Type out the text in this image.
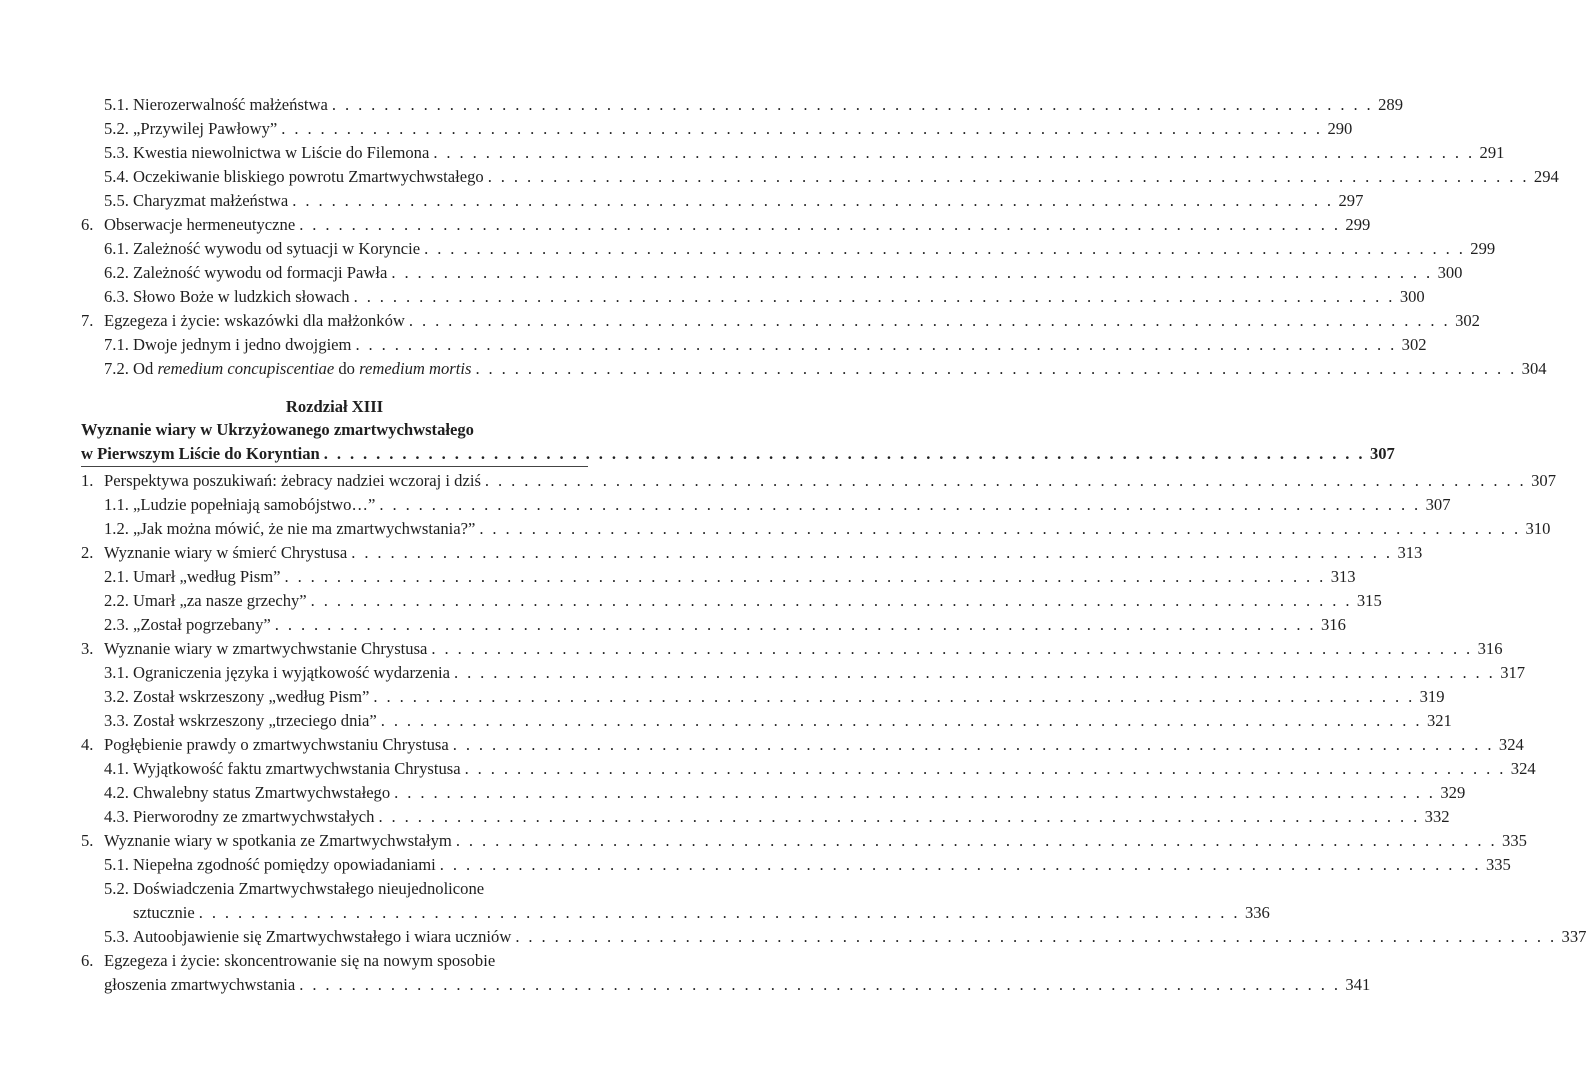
5.1. Nierozerwalność małżeństwa . . . . . . . . . . . . . . . . . . . . . . . . . . . . . . . . . . . . . . . . . . . . . . . . . . . . . . . . . . . . . . . . . . . . . . . . . . . . . . . . 289
5.2. „Przywilej Pawłowy” . . . . . . . . . . . . . . . . . . . . . . . . . . . . . . . . . . . . . . . . . . . . . . . . . . . . . . . . . . . . . . . . . . . . . . . . . . . . . . . . 290
5.3. Kwestia niewolnictwa w Liście do Filemona . . . . . . . . . . . . . . . . . . . . . . . . . . . . . . . . . . . . . . . . . . . . . . . . . . . . . . . . . . . . . . . . . . . . . . . . . . . . . . . . 291
5.4. Oczekiwanie bliskiego powrotu Zmartwychwstałego . . . . . . . . . . . . . . . . . . . . . . . . . . . . . . . . . . . . . . . . . . . . . . . . . . . . . . . . . . . . . . . . . . . . . . . . . . . . . . . . 294
5.5. Charyzmat małżeństwa . . . . . . . . . . . . . . . . . . . . . . . . . . . . . . . . . . . . . . . . . . . . . . . . . . . . . . . . . . . . . . . . . . . . . . . . . . . . . . . . 297
6. Obserwacje hermeneutyczne . . . . . . . . . . . . . . . . . . . . . . . . . . . . . . . . . . . . . . . . . . . . . . . . . . . . . . . . . . . . . . . . . . . . . . . . . . . . . . . . 299
6.1. Zależność wywodu od sytuacji w Koryncie . . . . . . . . . . . . . . . . . . . . . . . . . . . . . . . . . . . . . . . . . . . . . . . . . . . . . . . . . . . . . . . . . . . . . . . . . . . . . . . . 299
6.2. Zależność wywodu od formacji Pawła . . . . . . . . . . . . . . . . . . . . . . . . . . . . . . . . . . . . . . . . . . . . . . . . . . . . . . . . . . . . . . . . . . . . . . . . . . . . . . . . 300
6.3. Słowo Boże w ludzkich słowach . . . . . . . . . . . . . . . . . . . . . . . . . . . . . . . . . . . . . . . . . . . . . . . . . . . . . . . . . . . . . . . . . . . . . . . . . . . . . . . . 300
7. Egzegeza i życie: wskazówki dla małżonków . . . . . . . . . . . . . . . . . . . . . . . . . . . . . . . . . . . . . . . . . . . . . . . . . . . . . . . . . . . . . . . . . . . . . . . . . . . . . . . . 302
7.1. Dwoje jednym i jedno dwojgiem . . . . . . . . . . . . . . . . . . . . . . . . . . . . . . . . . . . . . . . . . . . . . . . . . . . . . . . . . . . . . . . . . . . . . . . . . . . . . . . . 302
7.2. Od remedium concupiscentiae do remedium mortis . . . . . . . . . . . . . . . . . . . . . . . . . . . . . . . . . . . . . . . . . . . . . . . . . . . . . . . . . . . . . . . . . . . . . . . . . . . . . . . . 304
Rozdział XIII
Wyznanie wiary w Ukrzyżowanego zmartwychwstałego
w Pierwszym Liście do Koryntian . . . . . . . . . . . . . . . . . . . . . . . . . . . . . . . . . . . . . . . . . . . . . . . . . . . . . . . . . . . . . . . . . . . . . . . . . . . . . . . . 307
1. Perspektywa poszukiwań: żebracy nadziei wczoraj i dziś . . . . . . . . . . . . . . . . . . . . . . . . . . . . . . . . . . . . . . . . . . . . . . . . . . . . . . . . . . . . . . . . . . . . . . . . . . . . . . . . 307
1.1. „Ludzie popełniają samobójstwo…” . . . . . . . . . . . . . . . . . . . . . . . . . . . . . . . . . . . . . . . . . . . . . . . . . . . . . . . . . . . . . . . . . . . . . . . . . . . . . . . . 307
1.2. „Jak można mówić, że nie ma zmartwychwstania?” . . . . . . . . . . . . . . . . . . . . . . . . . . . . . . . . . . . . . . . . . . . . . . . . . . . . . . . . . . . . . . . . . . . . . . . . . . . . . . . . 310
2. Wyznanie wiary w śmierć Chrystusa . . . . . . . . . . . . . . . . . . . . . . . . . . . . . . . . . . . . . . . . . . . . . . . . . . . . . . . . . . . . . . . . . . . . . . . . . . . . . . . . 313
2.1. Umarł „według Pism” . . . . . . . . . . . . . . . . . . . . . . . . . . . . . . . . . . . . . . . . . . . . . . . . . . . . . . . . . . . . . . . . . . . . . . . . . . . . . . . . 313
2.2. Umarł „za nasze grzechy” . . . . . . . . . . . . . . . . . . . . . . . . . . . . . . . . . . . . . . . . . . . . . . . . . . . . . . . . . . . . . . . . . . . . . . . . . . . . . . . . 315
2.3. „Został pogrzebany” . . . . . . . . . . . . . . . . . . . . . . . . . . . . . . . . . . . . . . . . . . . . . . . . . . . . . . . . . . . . . . . . . . . . . . . . . . . . . . . . 316
3. Wyznanie wiary w zmartwychwstanie Chrystusa . . . . . . . . . . . . . . . . . . . . . . . . . . . . . . . . . . . . . . . . . . . . . . . . . . . . . . . . . . . . . . . . . . . . . . . . . . . . . . . . 316
3.1. Ograniczenia języka i wyjątkowość wydarzenia . . . . . . . . . . . . . . . . . . . . . . . . . . . . . . . . . . . . . . . . . . . . . . . . . . . . . . . . . . . . . . . . . . . . . . . . . . . . . . . . 317
3.2. Został wskrzeszony „według Pism” . . . . . . . . . . . . . . . . . . . . . . . . . . . . . . . . . . . . . . . . . . . . . . . . . . . . . . . . . . . . . . . . . . . . . . . . . . . . . . . . 319
3.3. Został wskrzeszony „trzeciego dnia” . . . . . . . . . . . . . . . . . . . . . . . . . . . . . . . . . . . . . . . . . . . . . . . . . . . . . . . . . . . . . . . . . . . . . . . . . . . . . . . . 321
4. Pogłębienie prawdy o zmartwychwstaniu Chrystusa . . . . . . . . . . . . . . . . . . . . . . . . . . . . . . . . . . . . . . . . . . . . . . . . . . . . . . . . . . . . . . . . . . . . . . . . . . . . . . . . 324
4.1. Wyjątkowość faktu zmartwychwstania Chrystusa . . . . . . . . . . . . . . . . . . . . . . . . . . . . . . . . . . . . . . . . . . . . . . . . . . . . . . . . . . . . . . . . . . . . . . . . . . . . . . . . 324
4.2. Chwalebny status Zmartwychwstałego . . . . . . . . . . . . . . . . . . . . . . . . . . . . . . . . . . . . . . . . . . . . . . . . . . . . . . . . . . . . . . . . . . . . . . . . . . . . . . . . 329
4.3. Pierworodny ze zmartwychwstałych . . . . . . . . . . . . . . . . . . . . . . . . . . . . . . . . . . . . . . . . . . . . . . . . . . . . . . . . . . . . . . . . . . . . . . . . . . . . . . . . 332
5. Wyznanie wiary w spotkania ze Zmartwychwstałym . . . . . . . . . . . . . . . . . . . . . . . . . . . . . . . . . . . . . . . . . . . . . . . . . . . . . . . . . . . . . . . . . . . . . . . . . . . . . . . . 335
5.1. Niepełna zgodność pomiędzy opowiadaniami . . . . . . . . . . . . . . . . . . . . . . . . . . . . . . . . . . . . . . . . . . . . . . . . . . . . . . . . . . . . . . . . . . . . . . . . . . . . . . . . 335
5.2. Doświadczenia Zmartwychwstałego nieujednolicone
sztucznie . . . . . . . . . . . . . . . . . . . . . . . . . . . . . . . . . . . . . . . . . . . . . . . . . . . . . . . . . . . . . . . . . . . . . . . . . . . . . . . . 336
5.3. Autoobjawienie się Zmartwychwstałego i wiara uczniów . . . . . . . . . . . . . . . . . . . . . . . . . . . . . . . . . . . . . . . . . . . . . . . . . . . . . . . . . . . . . . . . . . . . . . . . . . . . . . . . 337
6. Egzegeza i życie: skoncentrowanie się na nowym sposobie
głoszenia zmartwychwstania . . . . . . . . . . . . . . . . . . . . . . . . . . . . . . . . . . . . . . . . . . . . . . . . . . . . . . . . . . . . . . . . . . . . . . . . . . . . . . . . 341
